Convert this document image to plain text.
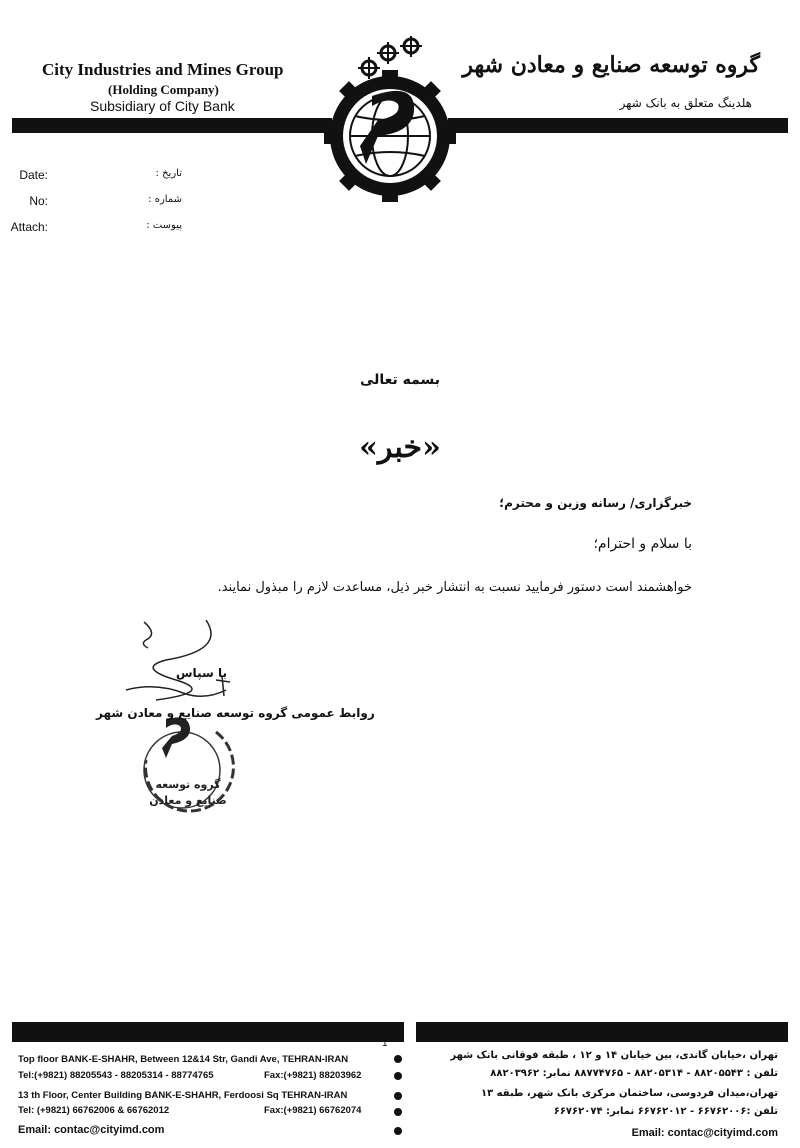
City Industries and Mines Group
(Holding Company)
Subsidiary of City Bank
گروه توسعه صنایع و معادن شهر
هلدینگ متعلق به بانک شهر
Date:
No:
Attach:
تاریخ :
شماره :
پیوست :
بسمه تعالی
«خبر»
خبرگزاری/ رسانه وزین و محترم؛
با سلام و احترام؛
خواهشمند است دستور فرمایید نسبت به انتشار خبر ذیل، مساعدت لازم را مبذول نمایند.
گروه توسعه
صنایع و معادن
با سپاس
روابط عمومی گروه توسعه صنایع و معادن شهر
1
Top floor BANK-E-SHAHR, Between 12&14 Str, Gandi Ave, TEHRAN-IRAN
Tel:(+9821) 88205543 - 88205314 - 88774765	Fax:(+9821) 88203962
13 th Floor, Center Building BANK-E-SHAHR, Ferdoosi Sq TEHRAN-IRAN
Tel: (+9821) 66762006 & 66762012	Fax:(+9821) 66762074
Email: contac@cityimd.com
تهران ،خیابان گاندی، بین خیابان ۱۴ و ۱۲ ، طبقه فوقانی بانک شهر
تلفن : ۸۸۲۰۵۵۴۳ - ۸۸۲۰۵۳۱۴ - ۸۸۷۷۴۷۶۵ نمابر: ۸۸۲۰۳۹۶۲
تهران،میدان فردوسی، ساختمان مرکزی بانک شهر، طبقه ۱۳
تلفن :۶۶۷۶۲۰۰۶ - ۶۶۷۶۲۰۱۲ نمابر: ۶۶۷۶۲۰۷۴
Email: contac@cityimd.com
